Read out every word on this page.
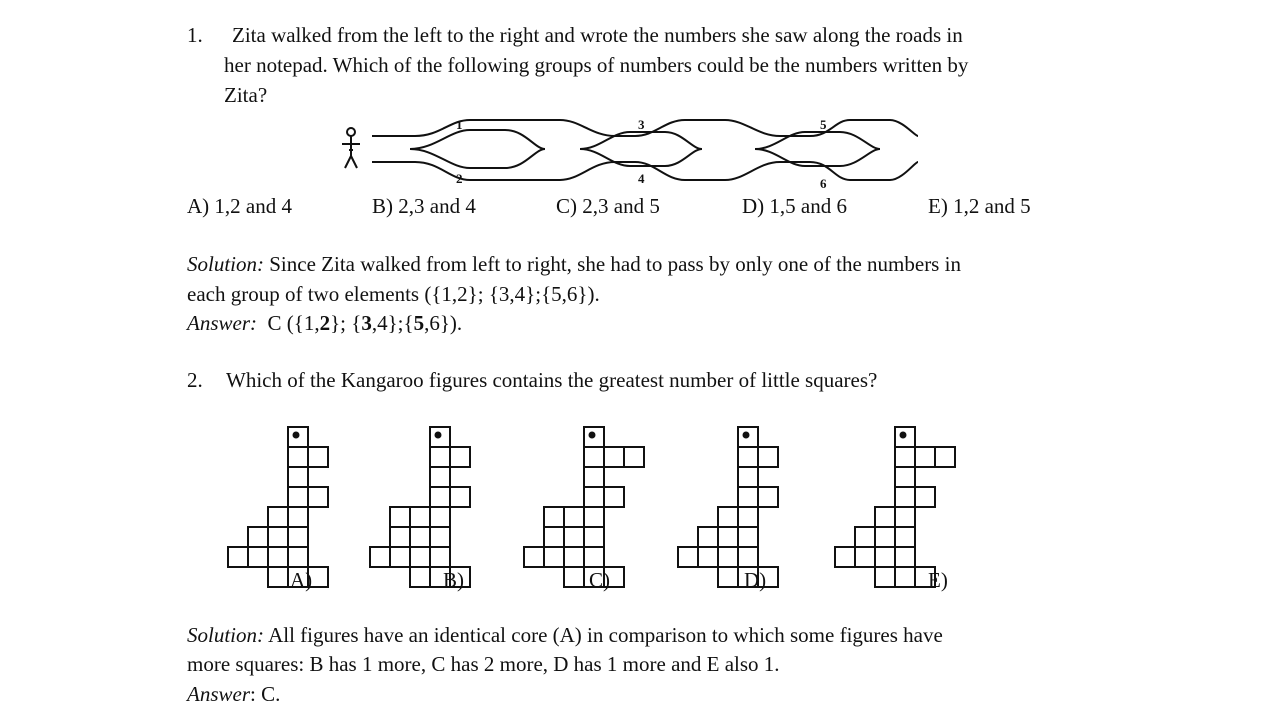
1. Zita walked from the left to the right and wrote the numbers she saw along the roads in
her notepad. Which of the following groups of numbers could be the numbers written by
Zita?
1
2
3
4
5
6
A) 1,2 and 4	B) 2,3 and 4	C) 2,3 and 5	D) 1,5 and 6	E) 1,2 and 5
Solution: Since Zita walked from left to right, she had to pass by only one of the numbers in
each group of two elements ({1,2}; {3,4};{5,6}).
Answer: C ({1,2}; {3,4};{5,6}).
2. Which of the Kangaroo figures contains the greatest number of little squares?
A)	B)	C)	D)	E)
Solution: All figures have an identical core (A) in comparison to which some figures have
more squares: B has 1 more, C has 2 more, D has 1 more and E also 1.
Answer: C.
